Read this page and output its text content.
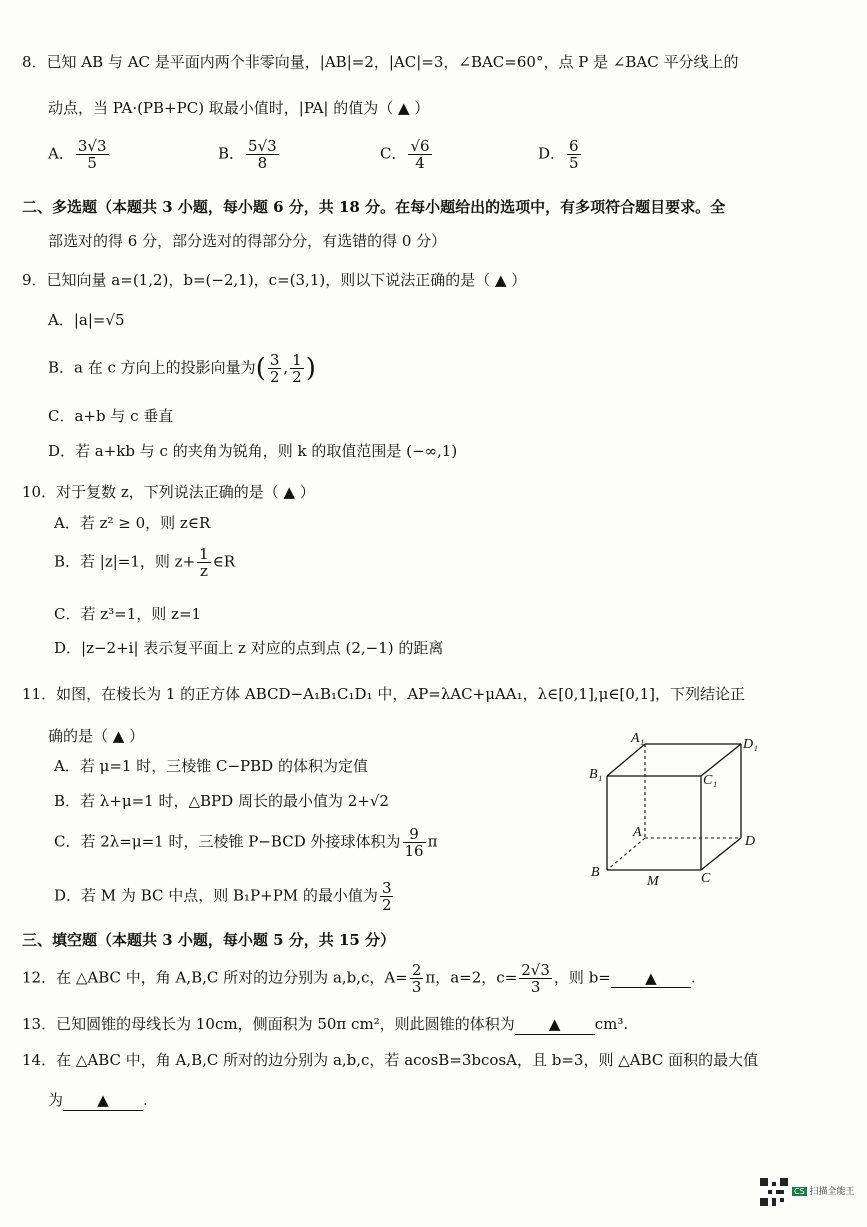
8．已知 AB 与 AC 是平面内两个非零向量，|AB|=2，|AC|=3，∠BAC=60°，点 P 是 ∠BAC 平分线上的
动点，当 PA·(PB+PC) 取最小值时，|PA| 的值为（ ▲ ）
A． $\frac{3√3}{5}$	B． $\frac{5√3}{8}$	C． $\frac{√6}{4}$	D． $\frac{6}{5}$
二、多选题（本题共 3 小题，每小题 6 分，共 18 分。在每小题给出的选项中，有多项符合题目要求。全
部选对的得 6 分，部分选对的得部分分，有选错的得 0 分）
9．已知向量 a=(1,2)，b=(−2,1)，c=(3,1)，则以下说法正确的是（ ▲ ）
A．|a|=√5
B．a 在 c 方向上的投影向量为( $\frac{3}{2}$ , $\frac{1}{2}$ )
C．a+b 与 c 垂直
D．若 a+kb 与 c 的夹角为锐角，则 k 的取值范围是 (−∞,1)
10．对于复数 z，下列说法正确的是（ ▲ ）
A．若 z² ≥ 0，则 z∈R
B．若 |z|=1，则 $z+ \frac{1}{z}$ ∈R
C．若 z³=1，则 z=1
D．|z−2+i| 表示复平面上 z 对应的点到点 (2,−1) 的距离
11．如图，在棱长为 1 的正方体 ABCD−A₁B₁C₁D₁ 中，AP=λAC+μAA₁，λ∈[0,1],μ∈[0,1]，下列结论正
确的是（ ▲ ）
A．若 μ=1 时，三棱锥 C−PBD 的体积为定值
B．若 λ+μ=1 时，△BPD 周长的最小值为 2+√2
C．若 2λ=μ=1 时，三棱锥 P−BCD 外接球体积为 $\frac{9}{16}$ π
D．若 M 为 BC 中点，则 B₁P+PM 的最小值为 $\frac{3}{2}$
A₁	D₁
B₁	C₁
A
D
B	C
M
三、填空题（本题共 3 小题，每小题 5 分，共 15 分）
12．在 △ABC 中，角 A,B,C 所对的边分别为 a,b,c，$A= \frac{2}{3}$ π，a=2，$c= \frac{2√3}{3}$ ，则 b= ▲ .
13．已知圆锥的母线长为 10cm，侧面积为 50π cm²，则此圆锥的体积为 ▲ cm³.
14．在 △ABC 中，角 A,B,C 所对的边分别为 a,b,c，若 acosB=3bcosA，且 b=3，则 △ABC 面积的最大值
为 ▲ .
CS 扫描全能王
